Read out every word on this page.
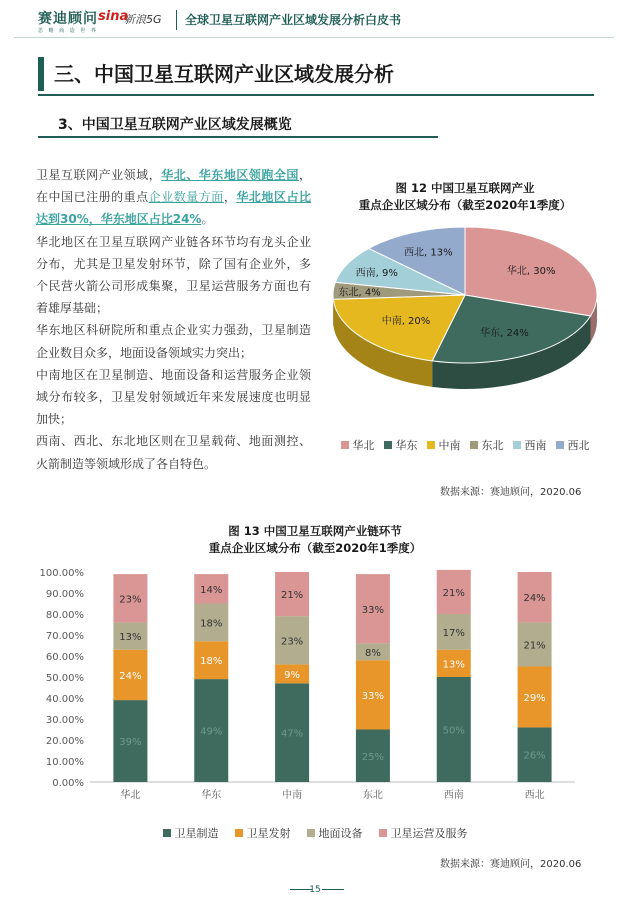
赛迪顾问
思 略 商 造 世 界
sina
新浪5G 全球卫星互联网产业区域发展分析白皮书
三、中国卫星互联网产业区域发展分析
3、中国卫星互联网产业区域发展概览

卫星互联网产业领域，华北、华东地区领跑全国，在中国已注册的重点企业数量方面，华北地区占比达到30%，华东地区占比24%。

华北地区在卫星互联网产业链各环节均有龙头企业分布，尤其是卫星发射环节，除了国有企业外，多个民营火箭公司形成集聚，卫星运营服务方面也有着雄厚基础；

华东地区科研院所和重点企业实力强劲，卫星制造企业数目众多，地面设备领域实力突出；

中南地区在卫星制造、地面设备和运营服务企业领域分布较多，卫星发射领域近年来发展速度也明显加快；

西南、西北、东北地区则在卫星载荷、地面测控、火箭制造等领域形成了各自特色。

图 12 中国卫星互联网产业
重点企业区域分布（截至2020年1季度）
华北, 30%
华东, 24%
中南, 20%
东北, 4%
西南, 9%
西北, 13%
华北 华东 中南 东北 西南 西北
数据来源：赛迪顾问，2020.06
图 13 中国卫星互联网产业链环节
重点企业区域分布（截至2020年1季度）
0.00%
10.00%
20.00%
30.00%
40.00%
50.00%
60.00%
70.00%
80.00%
90.00%
100.00%
39%
24%
13%
23%
华北
49%
18%
18%
14%
华东
47%
9%
23%
21%
中南
25%
33%
8%
33%
东北
50%
13%
17%
21%
西南
26%
29%
21%
24%
西北
卫星制造	卫星发射	地面设备	卫星运营及服务
数据来源：赛迪顾问，2020.06
15
